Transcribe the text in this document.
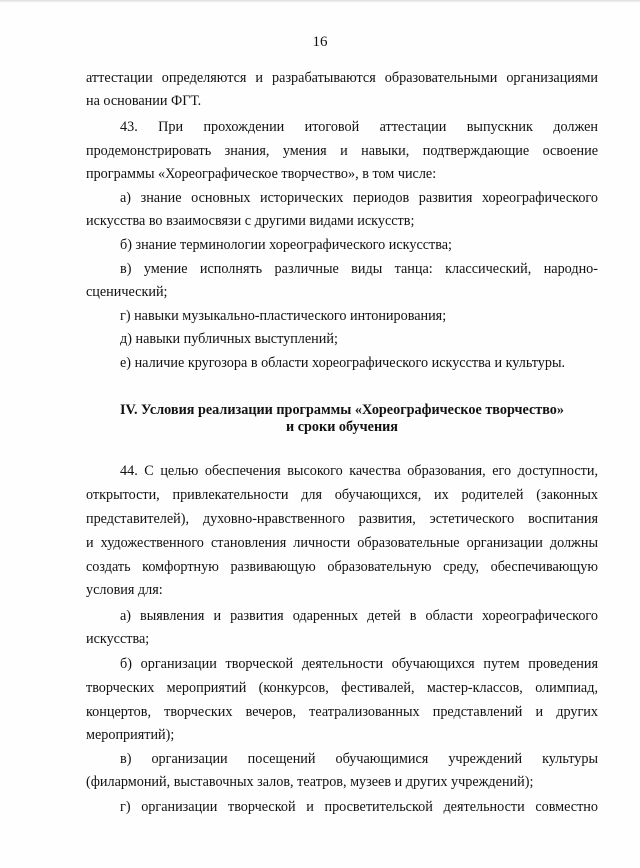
16
аттестации определяются и разрабатываются образовательными организациями
на основании ФГТ.
43. При прохождении итоговой аттестации выпускник должен
продемонстрировать знания, умения и навыки, подтверждающие освоение
программы «Хореографическое творчество», в том числе:
а) знание основных исторических периодов развития хореографического
искусства во взаимосвязи с другими видами искусств;
б) знание терминологии хореографического искусства;
в) умение исполнять различные виды танца: классический, народно-
сценический;
г) навыки музыкально-пластического интонирования;
д) навыки публичных выступлений;
е) наличие кругозора в области хореографического искусства и культуры.
IV. Условия реализации программы «Хореографическое творчество»
и сроки обучения
44. С целью обеспечения высокого качества образования, его доступности,
открытости, привлекательности для обучающихся, их родителей (законных
представителей), духовно-нравственного развития, эстетического воспитания
и художественного становления личности образовательные организации должны
создать комфортную развивающую образовательную среду, обеспечивающую
условия для:
а) выявления и развития одаренных детей в области хореографического
искусства;
б) организации творческой деятельности обучающихся путем проведения
творческих мероприятий (конкурсов, фестивалей, мастер-классов, олимпиад,
концертов, творческих вечеров, театрализованных представлений и других
мероприятий);
в) организации посещений обучающимися учреждений культуры
(филармоний, выставочных залов, театров, музеев и других учреждений);
г) организации творческой и просветительской деятельности совместно
